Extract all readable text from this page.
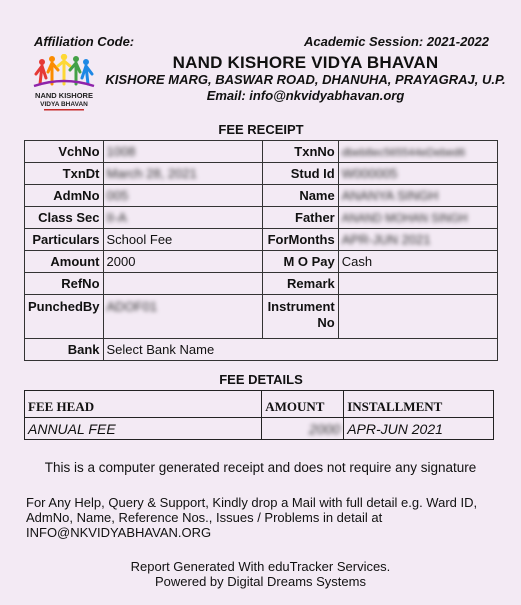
Affiliation Code:	Academic Session: 2021-2022
NAND KISHORE
VIDYA BHAVAN
NAND KISHORE VIDYA BHAVAN
KISHORE MARG, BASWAR ROAD, DHANUHA, PRAYAGRAJ, U.P.
Email: info@nkvidyabhavan.org
FEE RECEIPT
VchNo	1008	TxnNo	dbeb8ec565544eDebed6
TxnDt	March 28, 2021	Stud Id	W000005
AdmNo	005	Name	ANANYA SINGH
Class Sec	II-A	Father	ANAND MOHAN SINGH
Particulars	School Fee	ForMonths	APR-JUN 2021
Amount	2000	M O Pay	Cash
RefNo		Remark	
PunchedBy	ADOF01	Instrument No	
Bank	Select Bank Name		
FEE DETAILS
FEE HEAD	AMOUNT	INSTALLMENT
ANNUAL FEE	2000	APR-JUN 2021
This is a computer generated receipt and does not require any signature
For Any Help, Query & Support, Kindly drop a Mail with full detail e.g. Ward ID, AdmNo, Name, Reference Nos., Issues / Problems in detail at INFO@NKVIDYABHAVAN.ORG
Report Generated With eduTracker Services.
Powered by Digital Dreams Systems
